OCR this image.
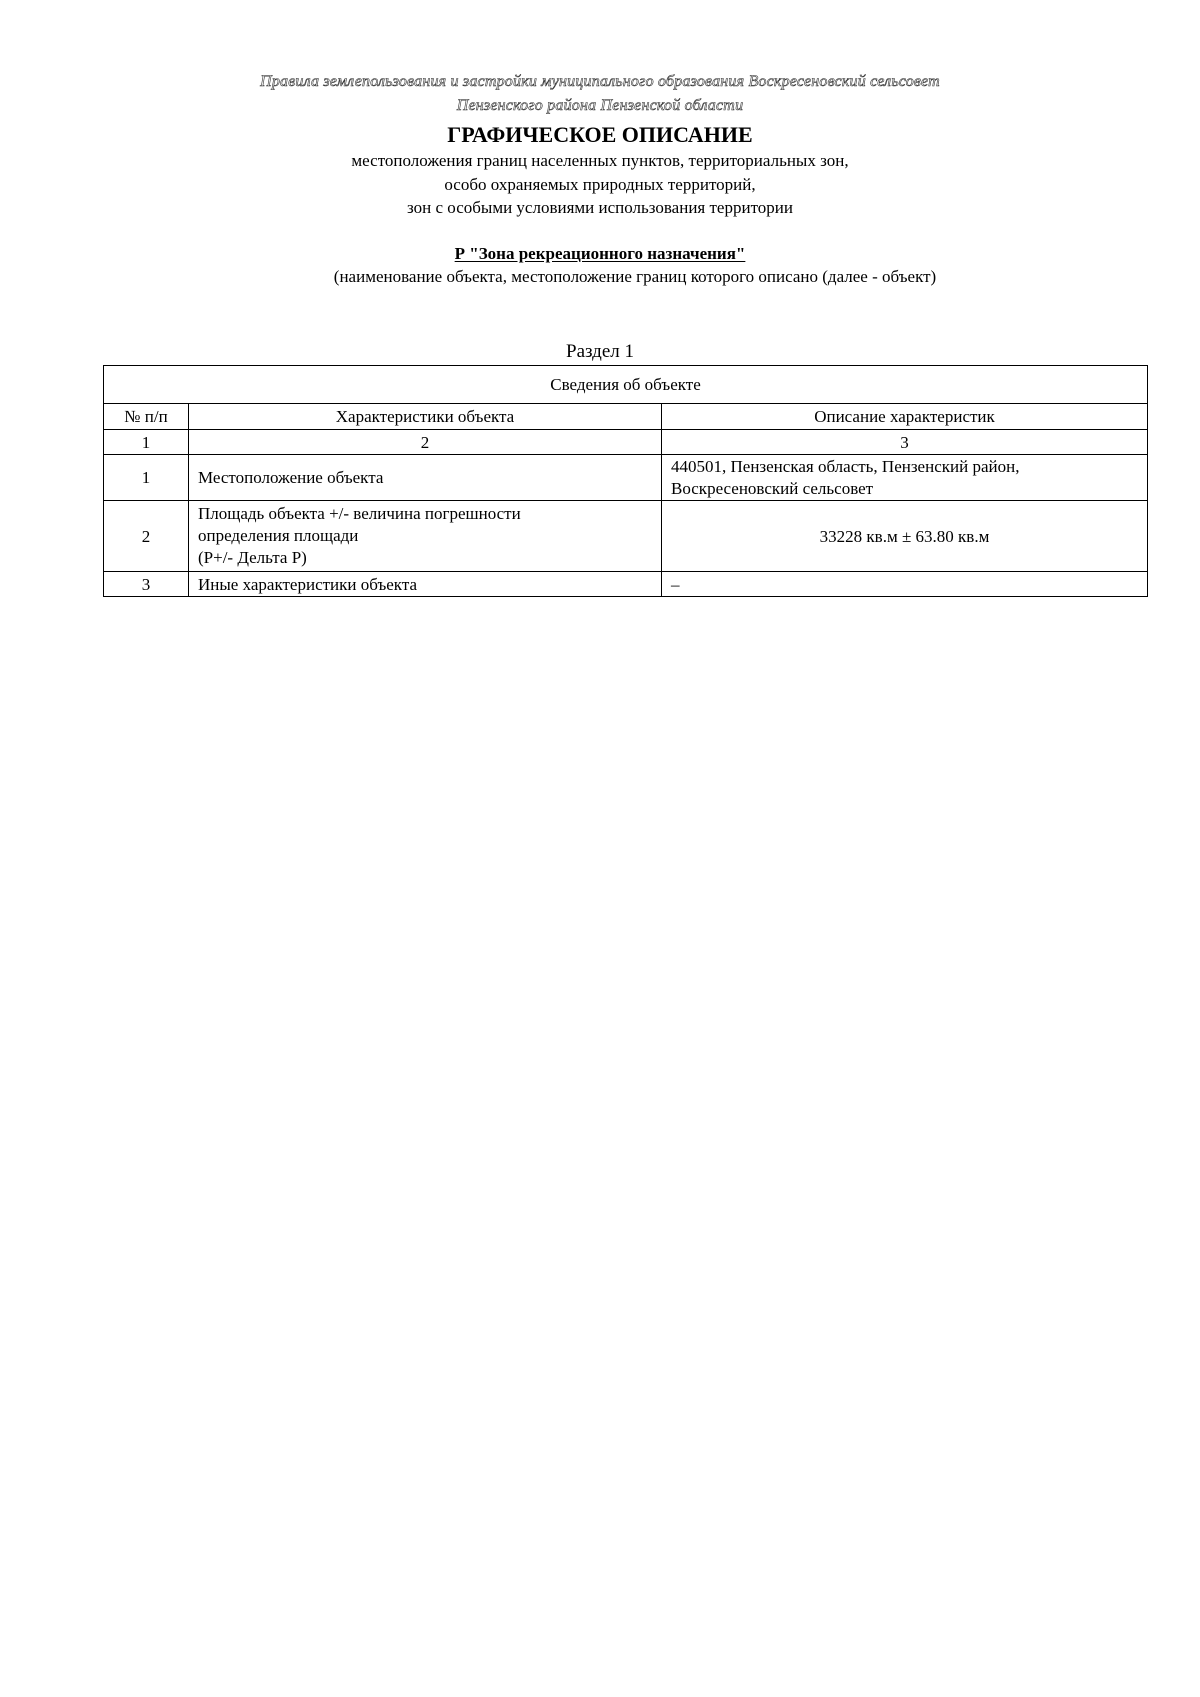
Правила землепользования и застройки муниципального образования Воскресеновский сельсовет
Пензенского района Пензенской области
ГРАФИЧЕСКОЕ ОПИСАНИЕ
местоположения границ населенных пунктов, территориальных зон,
особо охраняемых природных территорий,
зон с особыми условиями использования территории
Р "Зона рекреационного назначения"
(наименование объекта, местоположение границ которого описано (далее - объект)
Раздел 1
Сведения об объекте		
№ п/п	Характеристики объекта	Описание характеристик
1	2	3
1	Местоположение объекта	440501, Пензенская область, Пензенский район,
Воскресеновский сельсовет

2	Площадь объекта +/- величина погрешности
определения площади
(P+/- Дельта P)	33228 кв.м ± 63.80 кв.м
3	Иные характеристики объекта	–
